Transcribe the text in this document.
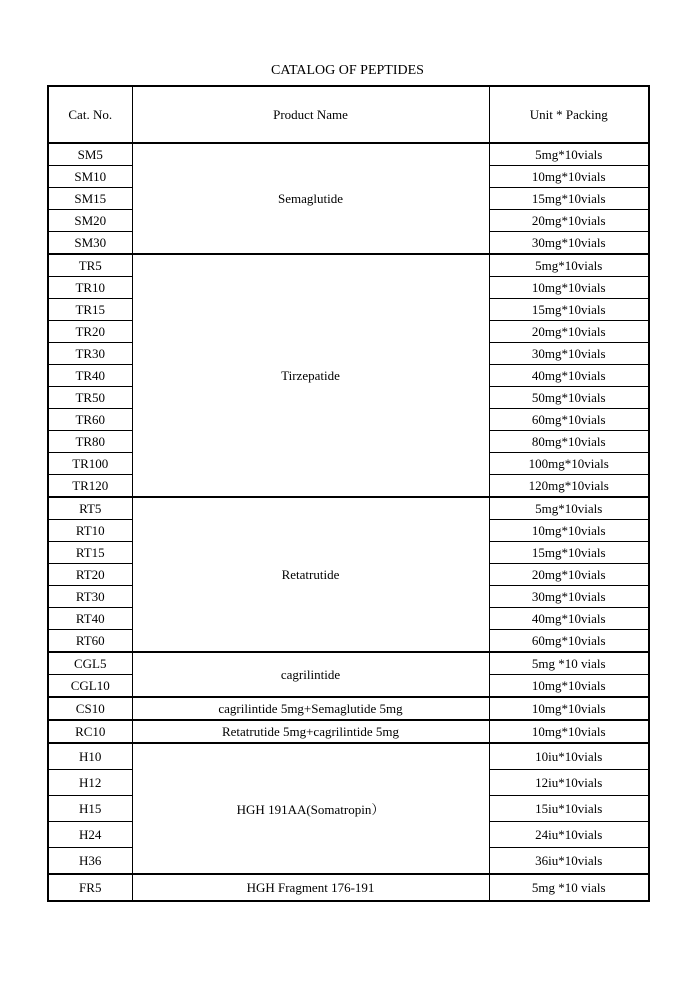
CATALOG OF PEPTIDES
Cat. No.	Product Name	Unit * Packing
SM5	Semaglutide	5mg*10vials
SM10		10mg*10vials
SM15		15mg*10vials
SM20		20mg*10vials
SM30		30mg*10vials
TR5	Tirzepatide	5mg*10vials
TR10		10mg*10vials
TR15		15mg*10vials
TR20		20mg*10vials
TR30		30mg*10vials
TR40		40mg*10vials
TR50		50mg*10vials
TR60		60mg*10vials
TR80		80mg*10vials
TR100		100mg*10vials
TR120		120mg*10vials
RT5	Retatrutide	5mg*10vials
RT10		10mg*10vials
RT15		15mg*10vials
RT20		20mg*10vials
RT30		30mg*10vials
RT40		40mg*10vials
RT60		60mg*10vials
CGL5	cagrilintide	5mg *10 vials
CGL10		10mg*10vials
CS10	cagrilintide 5mg+Semaglutide 5mg	10mg*10vials
RC10	Retatrutide 5mg+cagrilintide 5mg	10mg*10vials
H10	HGH 191AA(Somatropin）	10iu*10vials
H12		12iu*10vials
H15		15iu*10vials
H24		24iu*10vials
H36		36iu*10vials
FR5	HGH Fragment 176-191	5mg *10 vials
